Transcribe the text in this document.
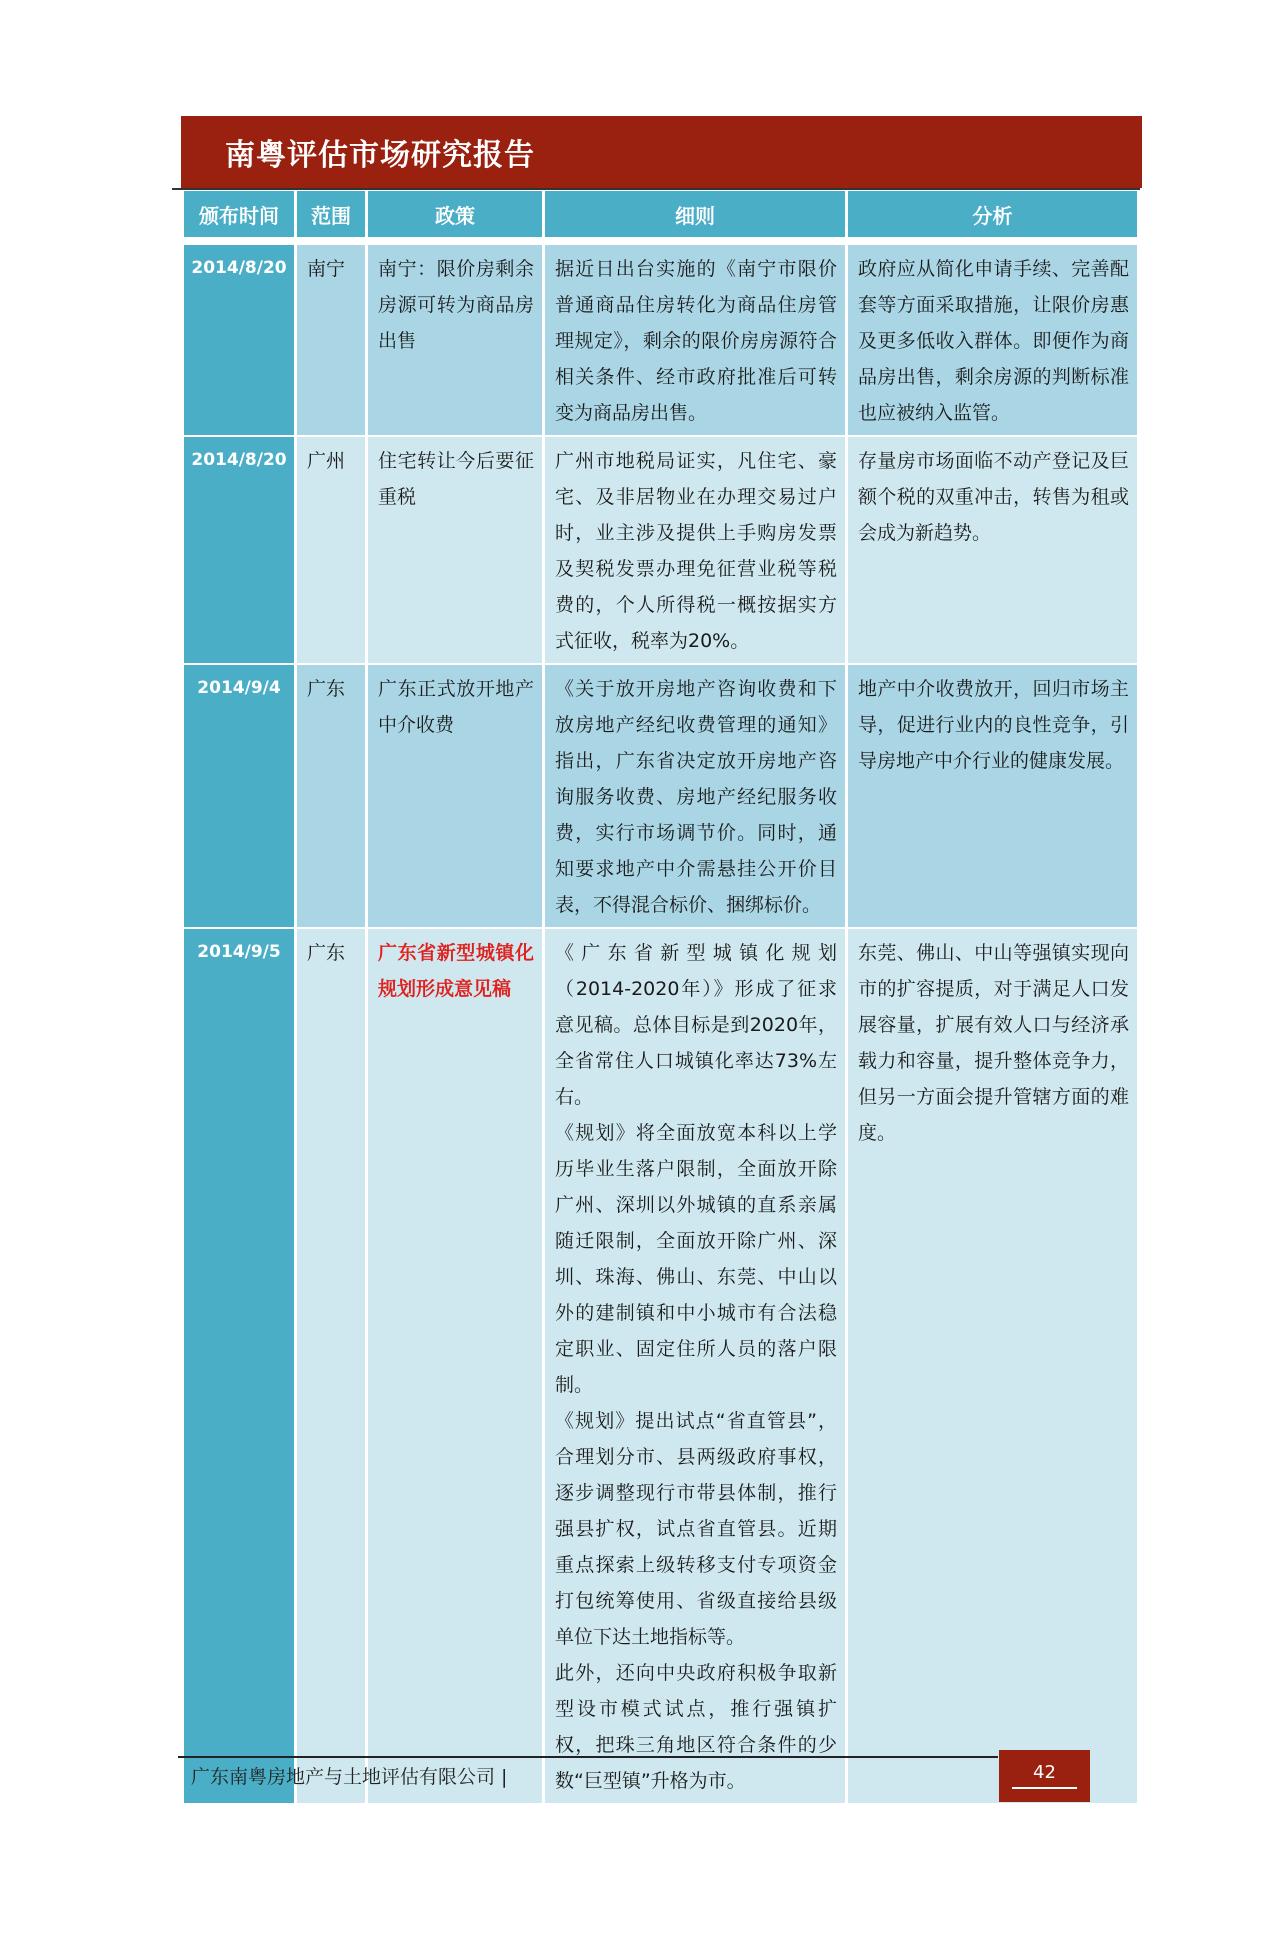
南粤评估市场研究报告
颁布时间	范围	政策	细则	分析
2014/8/20	南宁	南宁：限价房剩余房源可转为商品房出售	据近日出台实施的《南宁市限价普通商品住房转化为商品住房管理规定》，剩余的限价房房源符合相关条件、经市政府批准后可转变为商品房出售。	政府应从简化申请手续、完善配套等方面采取措施，让限价房惠及更多低收入群体。即便作为商品房出售，剩余房源的判断标准也应被纳入监管。
2014/8/20	广州	住宅转让今后要征重税	广州市地税局证实，凡住宅、豪宅、及非居物业在办理交易过户时，业主涉及提供上手购房发票及契税发票办理免征营业税等税费的，个人所得税一概按据实方式征收，税率为20%。	存量房市场面临不动产登记及巨额个税的双重冲击，转售为租或会成为新趋势。
2014/9/4	广东	广东正式放开地产中介收费	《关于放开房地产咨询收费和下放房地产经纪收费管理的通知》指出，广东省决定放开房地产咨询服务收费、房地产经纪服务收费，实行市场调节价。同时，通知要求地产中介需悬挂公开价目表，不得混合标价、捆绑标价。	地产中介收费放开，回归市场主导，促进行业内的良性竞争，引导房地产中介行业的健康发展。
2014/9/5	广东	广东省新型城镇化规划形成意见稿	《广东省新型城镇化规划（2014-2020年）》形成了征求意见稿。总体目标是到2020年，全省常住人口城镇化率达73%左右。
《规划》将全面放宽本科以上学历毕业生落户限制，全面放开除广州、深圳以外城镇的直系亲属随迁限制，全面放开除广州、深圳、珠海、佛山、东莞、中山以外的建制镇和中小城市有合法稳定职业、固定住所人员的落户限制。
《规划》提出试点“省直管县”，合理划分市、县两级政府事权，逐步调整现行市带县体制，推行强县扩权，试点省直管县。近期重点探索上级转移支付专项资金打包统筹使用、省级直接给县级单位下达土地指标等。
此外，还向中央政府积极争取新型设市模式试点，推行强镇扩权，把珠三角地区符合条件的少数“巨型镇”升格为市。	东莞、佛山、中山等强镇实现向市的扩容提质，对于满足人口发展容量，扩展有效人口与经济承载力和容量，提升整体竞争力，但另一方面会提升管辖方面的难度。
广东南粤房地产与土地评估有限公司 |	42
